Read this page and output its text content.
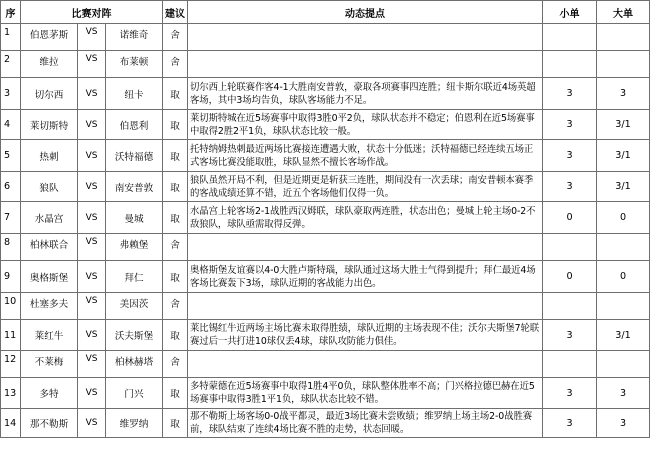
序	比赛对阵			建议	动态提点	小单	大单
1	伯恩茅斯	VS	诺维奇	舍			
2	维拉	VS	布莱顿	舍			
3	切尔西	VS	纽卡	取	切尔西上轮联赛作客4-1大胜南安普敦，豪取各项赛事四连胜；纽卡斯尔联近4场英超客场，其中3场均告负，球队客场能力不足。	3	3
4	莱切斯特	VS	伯恩利	取	莱切斯特城在近5场赛事中取得3胜0平2负，球队状态并不稳定；伯恩利在近5场赛事中取得2胜2平1负，球队状态比较一般。	3	3/1
5	热刺	VS	沃特福德	取	托特纳姆热刺最近两场比赛接连遭遇大败，状态十分低迷；沃特福德已经连续五场正式客场比赛没能取胜，球队显然不擅长客场作战。	3	3/1
6	狼队	VS	南安普敦	取	狼队虽然开局不利，但是近期更是斩获三连胜，期间没有一次丢球；南安普顿本赛季的客战成绩还算不错，近五个客场他们仅得一负。	3	3/1
7	水晶宫	VS	曼城	取	水晶宫上轮客场2-1战胜西汉姆联，球队豪取两连胜，状态出色；曼城上轮主场0-2不敌狼队，球队亟需取得反弹。	0	0
8	柏林联合	VS	弗赖堡	舍			
9	奥格斯堡	VS	拜仁	取	奥格斯堡友谊赛以4-0大胜卢斯特瑙，球队通过这场大胜士气得到提升；拜仁最近4场客场比赛轰下3场，球队近期的客战能力出色。	0	0
10	杜塞多夫	VS	美因茨	舍			
11	莱红牛	VS	沃夫斯堡	取	莱比锡红牛近两场主场比赛未取得胜绩，球队近期的主场表现不佳；沃尔夫斯堡7轮联赛过后一共打进10球仅丢4球，球队攻防能力俱佳。	3	3/1
12	不莱梅	VS	柏林赫塔	舍			
13	多特	VS	门兴	取	多特蒙德在近5场赛事中取得1胜4平0负，球队整体胜率不高；门兴格拉德巴赫在近5场赛事中取得3胜1平1负，球队状态比较不错。	3	3
14	那不勒斯	VS	维罗纳	取	那不勒斯上场客场0-0战平都灵，最近3场比赛未尝败绩；维罗纳上场主场2-0战胜赛前，球队结束了连续4场比赛不胜的走势，状态回暖。	3	3
